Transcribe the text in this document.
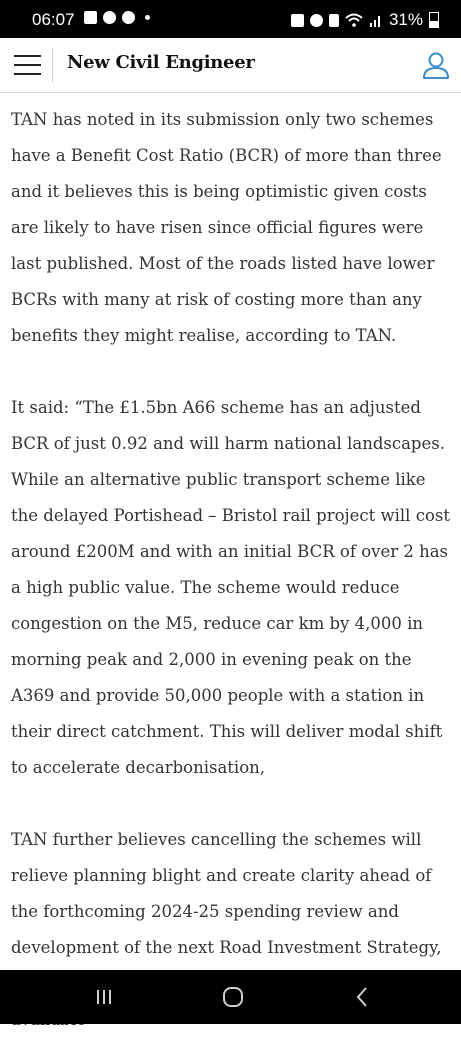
06:07	31%
New Civil Engineer

TAN has noted in its submission only two schemes have a Benefit Cost Ratio (BCR) of more than three and it believes this is being optimistic given costs are likely to have risen since official figures were last published. Most of the roads listed have lower BCRs with many at risk of costing more than any benefits they might realise, according to TAN.

It said: “The £1.5bn A66 scheme has an adjusted BCR of just 0.92 and will harm national landscapes. While an alternative public transport scheme like the delayed Portishead – Bristol rail project will cost around £200M and with an initial BCR of over 2 has a high public value. The scheme would reduce congestion on the M5, reduce car km by 4,000 in morning peak and 2,000 in evening peak on the A369 and provide 50,000 people with a station in their direct catchment. This will deliver modal shift to accelerate decarbonisation,

TAN further believes cancelling the schemes will relieve planning blight and create clarity ahead of the forthcoming 2024-25 spending review and development of the next Road Investment Strategy,
